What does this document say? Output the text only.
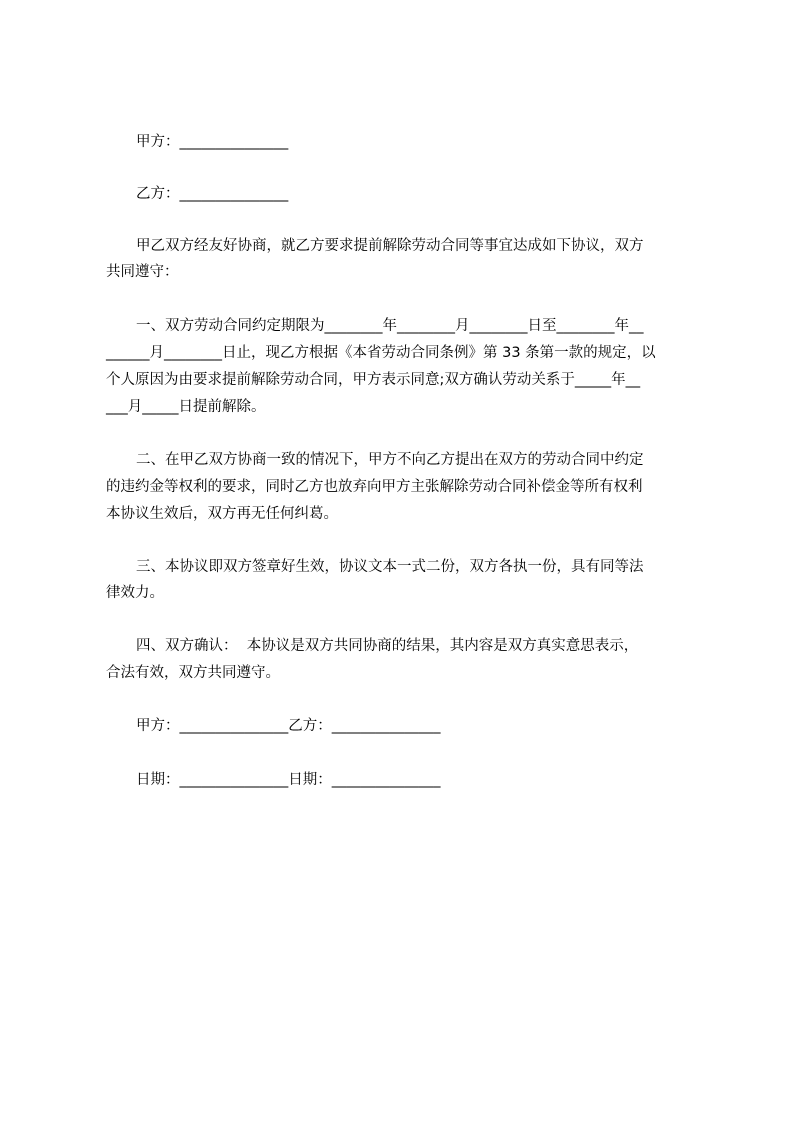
甲方：_______________
乙方：_______________
甲乙双方经友好协商，就乙方要求提前解除劳动合同等事宜达成如下协议，双方
共同遵守：
一、双方劳动合同约定期限为________年________月________日至________年__
______月________日止，现乙方根据《本省劳动合同条例》第 33 条第一款的规定，以
个人原因为由要求提前解除劳动合同，甲方表示同意;双方确认劳动关系于_____年__
___月_____日提前解除。
二、在甲乙双方协商一致的情况下，甲方不向乙方提出在双方的劳动合同中约定
的违约金等权利的要求，同时乙方也放弃向甲方主张解除劳动合同补偿金等所有权利
本协议生效后，双方再无任何纠葛。
三、本协议即双方签章好生效，协议文本一式二份，双方各执一份，具有同等法
律效力。
四、双方确认：  本协议是双方共同协商的结果，其内容是双方真实意思表示，
合法有效，双方共同遵守。
甲方：_______________乙方：_______________
日期：_______________日期：_______________
